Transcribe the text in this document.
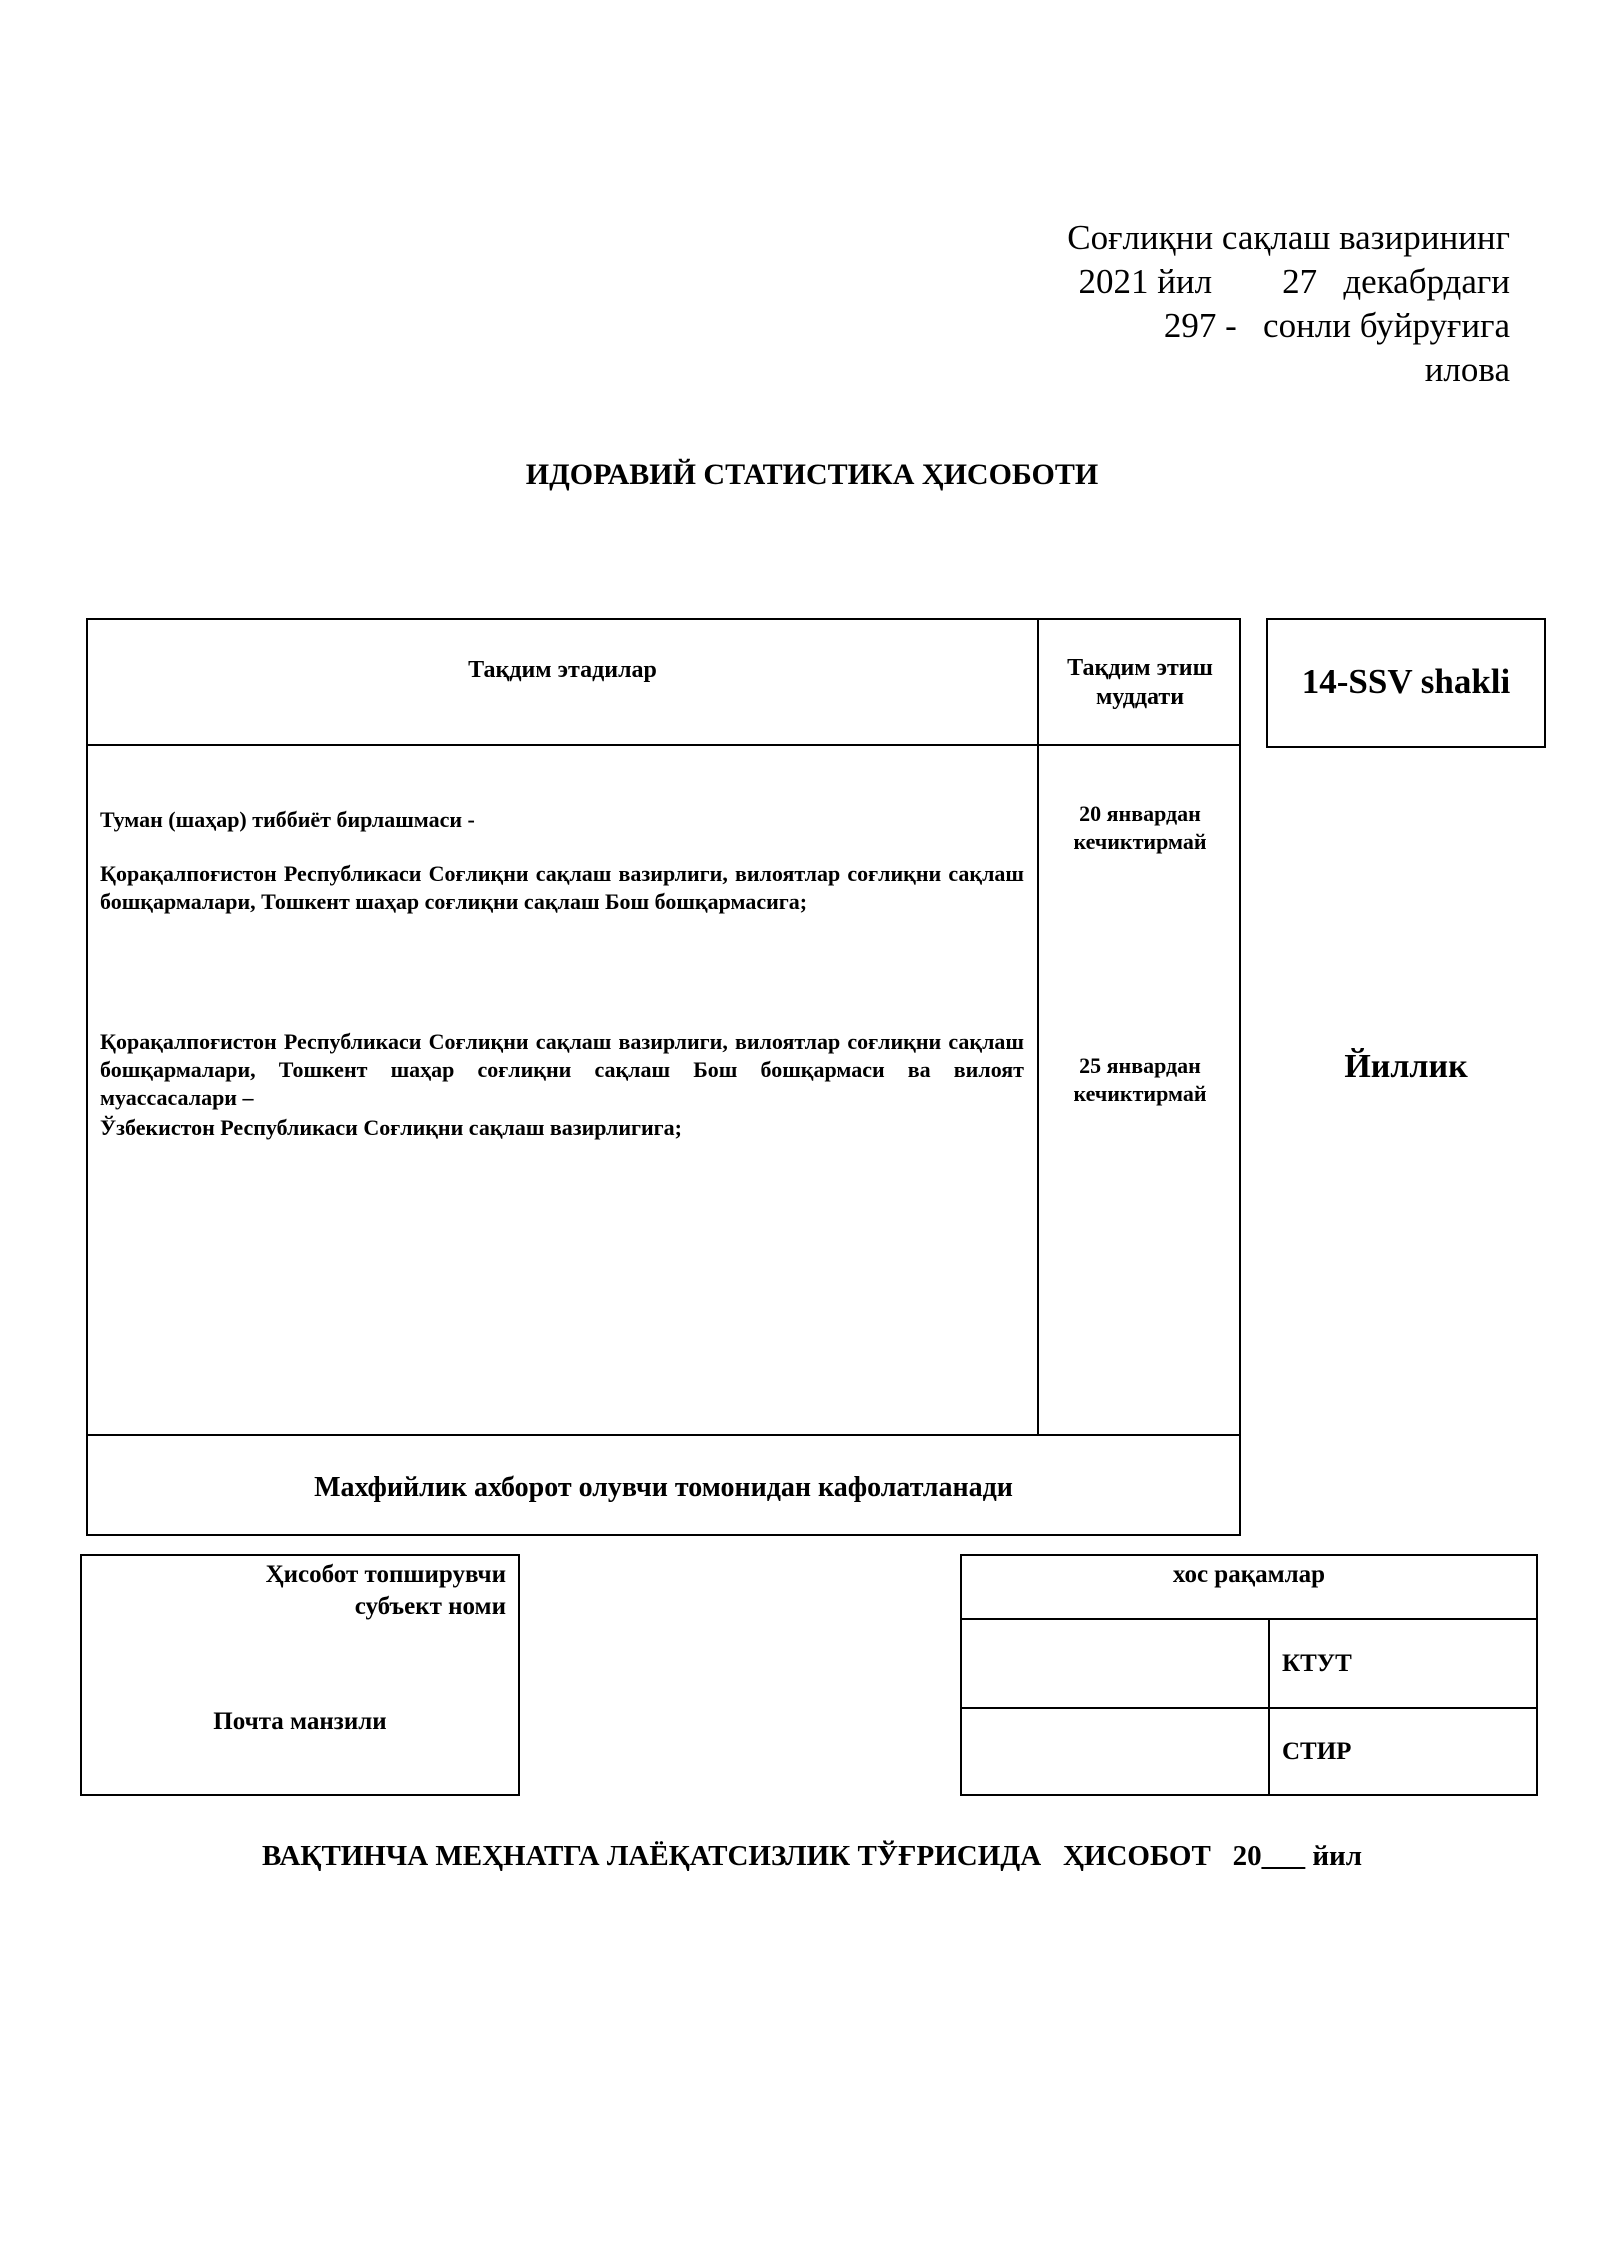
Соғлиқни сақлаш вазирининг
2021 йил        27   декабрдаги
297 -   сонли буйруғига
илова
ИДОРАВИЙ СТАТИСТИКА ҲИСОБОТИ
Тақдим этадилар	Тақдим этиш муддати
Туман (шаҳар) тиббиёт бирлашмаси -
Қорақалпоғистон Республикаси Соғлиқни сақлаш вазирлиги, вилоятлар соғлиқни сақлаш бошқармалари, Тошкент шаҳар соғлиқни сақлаш Бош бошқармасига;
Қорақалпоғистон Республикаси Соғлиқни сақлаш вазирлиги, вилоятлар соғлиқни сақлаш бошқармалари, Тошкент шаҳар соғлиқни сақлаш Бош бошқармаси ва вилоят муассасалари –
Ўзбекистон Республикаси Соғлиқни сақлаш вазирлигига;
20 январдан кечиктирмай
25 январдан кечиктирмай
Махфийлик ахборот олувчи томонидан кафолатланади
14-SSV shakli
Йиллик
Ҳисобот топширувчи субъект номи
Почта манзили
хос рақамлар
КТУТ
СТИР
ВАҚТИНЧА МЕҲНАТГА ЛАЁҚАТСИЗЛИК ТЎҒРИСИДА   ҲИСОБОТ   20___ йил
